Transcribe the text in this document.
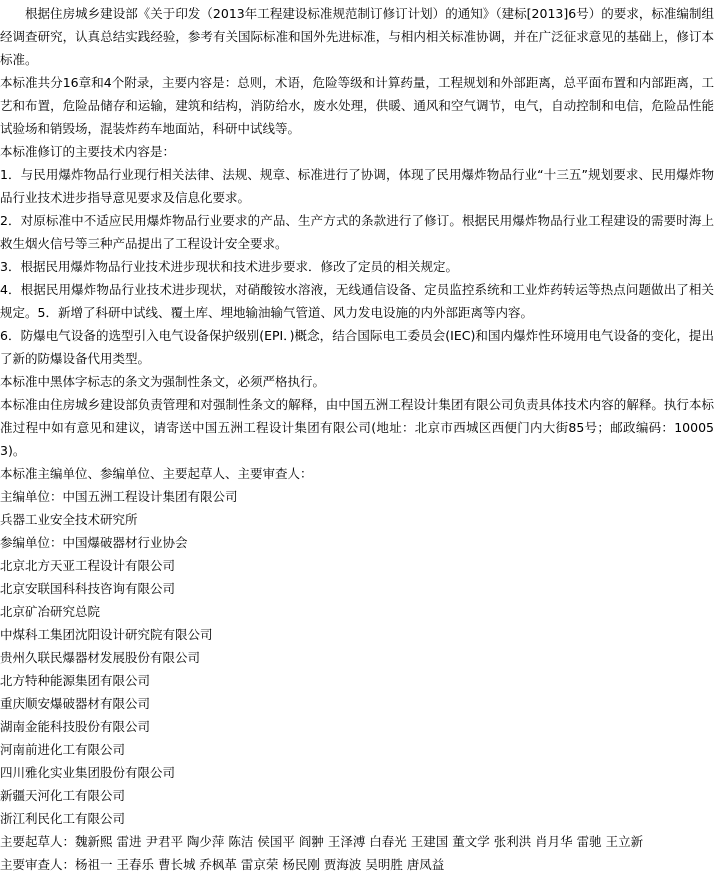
根据住房城乡建设部《关于印发（2013年工程建设标准规范制订修订计划）的通知》（建标[2013]6号）的要求，标准编制组经调查研究，认真总结实践经验，参考有关国际标准和国外先进标准，与相内相关标准协调，并在广泛征求意见的基础上，修订本标准。

本标准共分16章和4个附录，主要内容是：总则，术语，危险等级和计算药量，工程规划和外部距离，总平面布置和内部距离，工艺和布置，危险品储存和运输，建筑和结构，消防给水，废水处理，供暖、通风和空气调节，电气，自动控制和电信，危险品性能试验场和销毁场，混装炸药车地面站，科研中试线等。

本标准修订的主要技术内容是：

1．与民用爆炸物品行业现行相关法律、法规、规章、标准进行了协调，体现了民用爆炸物品行业“十三五”规划要求、民用爆炸物品行业技术进步指导意见要求及信息化要求。

2．对原标准中不适应民用爆炸物品行业要求的产品、生产方式的条款进行了修订。根据民用爆炸物品行业工程建设的需要时海上救生烟火信号等三种产品提出了工程设计安全要求。

3．根据民用爆炸物品行业技术进步现状和技术进步要求．修改了定员的相关规定。

4．根据民用爆炸物品行业技术进步现状，对硝酸铵水溶液，无线通信设备、定员监控系统和工业炸药转运等热点问题做出了相关规定。5．新增了科研中试线、覆土库、埋地输油输气管道、风力发电设施的内外部距离等内容。

6．防爆电气设备的选型引入电气设备保护级别(EPI．)概念，结合国际电工委员会(IEC)和国内爆炸性环境用电气设备的变化，提出了新的防爆设备代用类型。

本标准中黑体字标志的条文为强制性条文，必须严格执行。

本标准由住房城乡建设部负责管理和对强制性条文的解释，由中国五洲工程设计集团有限公司负责具体技术内容的解释。执行本标准过程中如有意见和建议，请寄送中国五洲工程设计集团有限公司(地址：北京市西城区西便门内大街85号；邮政编码：100053)。

本标准主编单位、参编单位、主要起草人、主要审查人：

主编单位：中国五洲工程设计集团有限公司

兵器工业安全技术研究所

参编单位：中国爆破器材行业协会

北京北方天亚工程设计有限公司

北京安联国科科技咨询有限公司

北京矿冶研究总院

中煤科工集团沈阳设计研究院有限公司

贵州久联民爆器材发展股份有限公司

北方特种能源集团有限公司

重庆顺安爆破器材有限公司

湖南金能科技股份有限公司

河南前进化工有限公司

四川雅化实业集团股份有限公司

新疆天河化工有限公司

浙江利民化工有限公司

主要起草人：魏新熙 雷进 尹君平 陶少萍 陈洁 侯国平 阎翀 王泽溥 白春光 王建国 董文学 张利洪 肖月华 雷驰 王立新

主要审查人：杨祖一 王春乐 曹长城 乔枫革 雷京荣 杨民刚 贾海波 吴明胜 唐凤益
